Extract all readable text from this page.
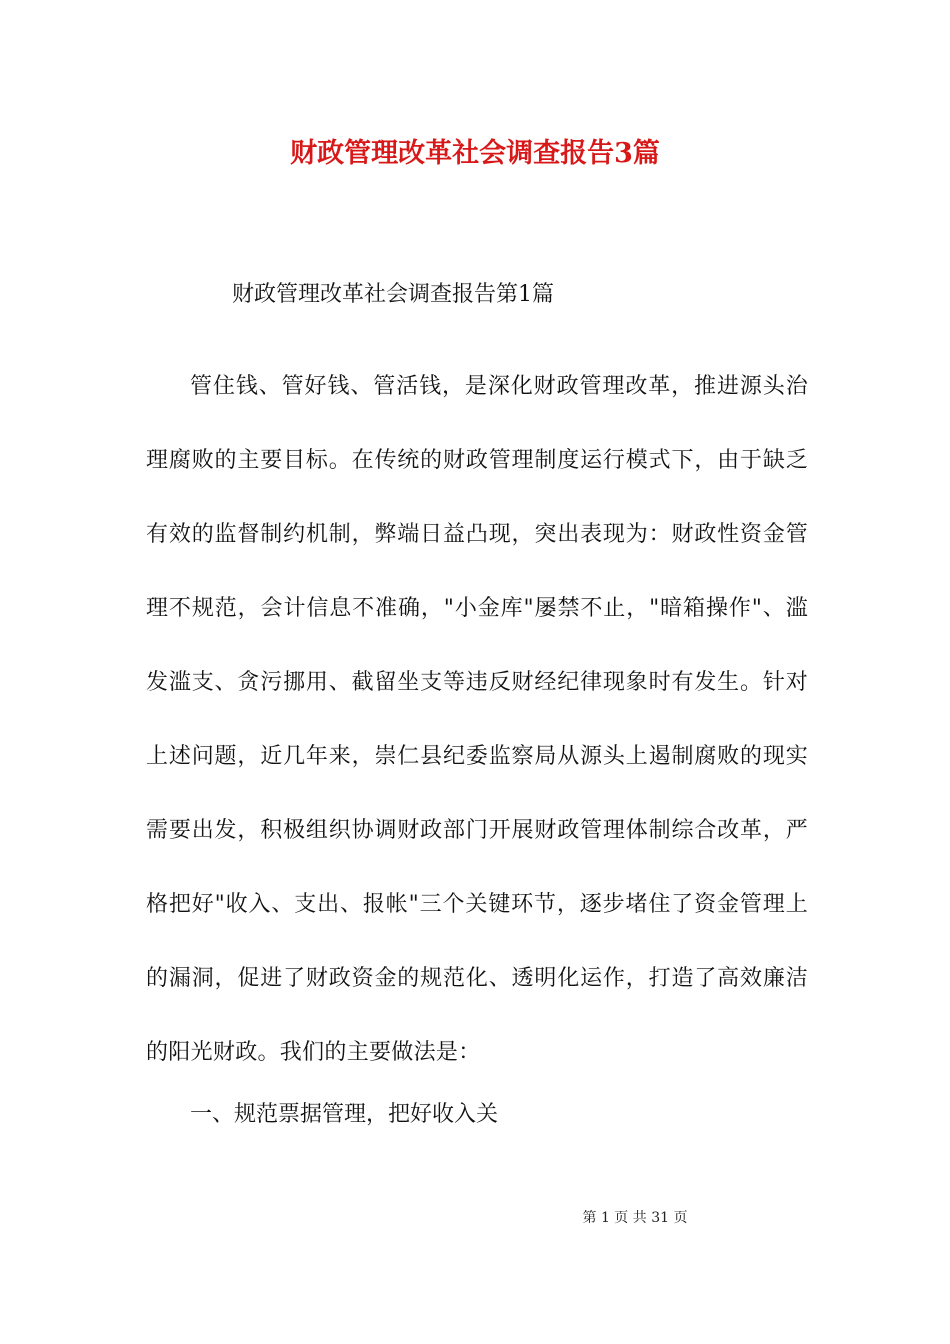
财政管理改革社会调查报告3篇

财政管理改革社会调查报告第1篇

管住钱、管好钱、管活钱，是深化财政管理改革，推进源头治理腐败的主要目标。在传统的财政管理制度运行模式下，由于缺乏有效的监督制约机制，弊端日益凸现，突出表现为：财政性资金管理不规范，会计信息不准确，"小金库"屡禁不止，"暗箱操作"、滥发滥支、贪污挪用、截留坐支等违反财经纪律现象时有发生。针对上述问题，近几年来，崇仁县纪委监察局从源头上遏制腐败的现实需要出发，积极组织协调财政部门开展财政管理体制综合改革，严格把好"收入、支出、报帐"三个关键环节，逐步堵住了资金管理上的漏洞，促进了财政资金的规范化、透明化运作，打造了高效廉洁的阳光财政。我们的主要做法是：

一、规范票据管理，把好收入关

第 1 页 共 31 页
